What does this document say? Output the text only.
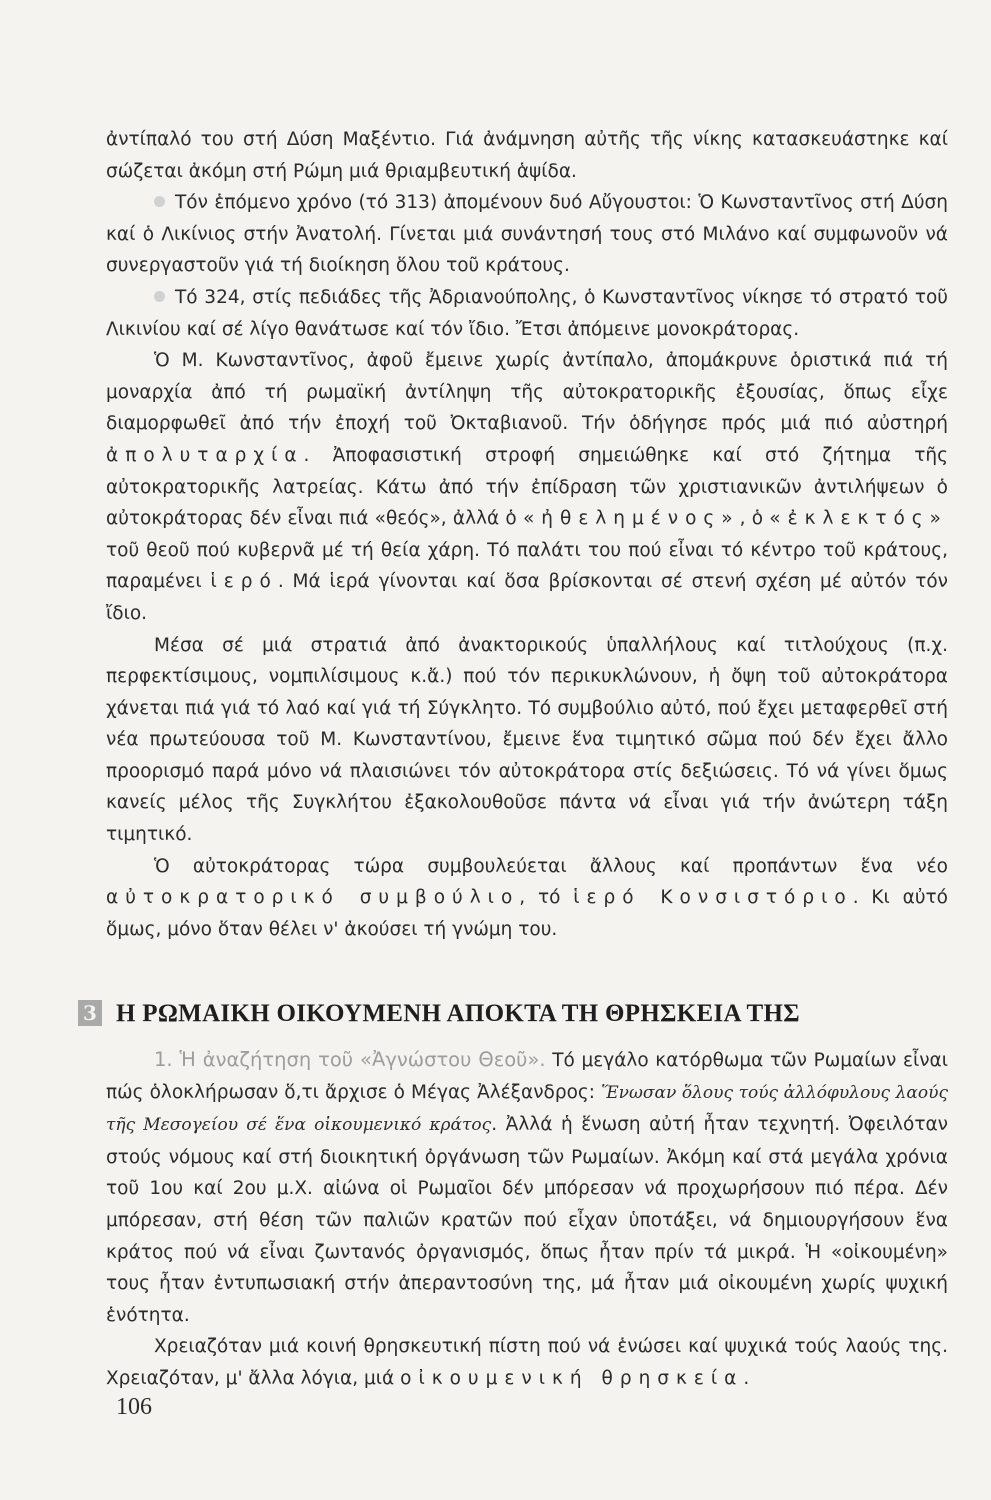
ἀντίπαλό του στή Δύση Μαξέντιο. Γιά ἀνάμνηση αὐτῆς τῆς νίκης κατασκευάστηκε καί σώζεται ἀκόμη στή Ρώμη μιά θριαμβευτική ἁψίδα.

Τόν ἑπόμενο χρόνο (τό 313) ἀπομένουν δυό Αὔγουστοι: Ὁ Κωνσταντῖνος στή Δύση καί ὁ Λικίνιος στήν Ἀνατολή. Γίνεται μιά συνάντησή τους στό Μιλάνο καί συμφωνοῦν νά συνεργαστοῦν γιά τή διοίκηση ὅλου τοῦ κράτους.

Τό 324, στίς πεδιάδες τῆς Ἀδριανούπολης, ὁ Κωνσταντῖνος νίκησε τό στρατό τοῦ Λικινίου καί σέ λίγο θανάτωσε καί τόν ἴδιο. Ἔτσι ἀπόμεινε μονοκράτορας.

Ὁ Μ. Κωνσταντῖνος, ἀφοῦ ἔμεινε χωρίς ἀντίπαλο, ἀπομάκρυνε ὁριστικά πιά τή μοναρχία ἀπό τή ρωμαϊκή ἀντίληψη τῆς αὐτοκρατορικῆς ἐξουσίας, ὅπως εἶχε διαμορφωθεῖ ἀπό τήν ἐποχή τοῦ Ὀκταβιανοῦ. Τήν ὁδήγησε πρός μιά πιό αὐστηρή ἀπολυταρχία. Ἀποφασιστική στροφή σημειώθηκε καί στό ζήτημα τῆς αὐτοκρατορικῆς λατρείας. Κάτω ἀπό τήν ἐπίδραση τῶν χριστιανικῶν ἀντιλήψεων ὁ αὐτοκράτορας δέν εἶναι πιά «θεός», ἀλλά ὁ «ἠθελημένος», ὁ «ἐκλεκτός» τοῦ θεοῦ πού κυβερνᾶ μέ τή θεία χάρη. Τό παλάτι του πού εἶναι τό κέντρο τοῦ κράτους, παραμένει ἱερό. Μά ἱερά γίνονται καί ὅσα βρίσκονται σέ στενή σχέση μέ αὐτόν τόν ἴδιο.

Μέσα σέ μιά στρατιά ἀπό ἀνακτορικούς ὑπαλλήλους καί τιτλούχους (π.χ. περφεκτίσιμους, νομπιλίσιμους κ.ἄ.) πού τόν περικυκλώνουν, ἡ ὄψη τοῦ αὐτοκράτορα χάνεται πιά γιά τό λαό καί γιά τή Σύγκλητο. Τό συμβούλιο αὐτό, πού ἔχει μεταφερθεῖ στή νέα πρωτεύουσα τοῦ Μ. Κωνσταντίνου, ἔμεινε ἕνα τιμητικό σῶμα πού δέν ἔχει ἄλλο προορισμό παρά μόνο νά πλαισιώνει τόν αὐτοκράτορα στίς δεξιώσεις. Τό νά γίνει ὅμως κανείς μέλος τῆς Συγκλήτου ἐξακολουθοῦσε πάντα νά εἶναι γιά τήν ἀνώτερη τάξη τιμητικό.

Ὁ αὐτοκράτορας τώρα συμβουλεύεται ἄλλους καί προπάντων ἕνα νέο αὐτοκρατορικό συμβούλιο, τό ἱερό Κονσιστόριο. Κι αὐτό ὅμως, μόνο ὅταν θέλει ν' ἀκούσει τή γνώμη του.

3 Η ΡΩΜΑΙΚΗ ΟΙΚΟΥΜΕΝΗ ΑΠΟΚΤΑ ΤΗ ΘΡΗΣΚΕΙΑ ΤΗΣ

1. Ἡ ἀναζήτηση τοῦ «Ἀγνώστου Θεοῦ». Τό μεγάλο κατόρθωμα τῶν Ρωμαίων εἶναι πώς ὁλοκλήρωσαν ὅ,τι ἄρχισε ὁ Μέγας Ἀλέξανδρος: Ἕνωσαν ὅλους τούς ἀλλόφυλους λαούς τῆς Μεσογείου σέ ἕνα οἰκουμενικό κράτος. Ἀλλά ἡ ἕνωση αὐτή ἦταν τεχνητή. Ὀφειλόταν στούς νόμους καί στή διοικητική ὀργάνωση τῶν Ρωμαίων. Ἀκόμη καί στά μεγάλα χρόνια τοῦ 1ου καί 2ου μ.Χ. αἰώνα οἱ Ρωμαῖοι δέν μπόρεσαν νά προχωρήσουν πιό πέρα. Δέν μπόρεσαν, στή θέση τῶν παλιῶν κρατῶν πού εἶχαν ὑποτάξει, νά δημιουργήσουν ἕνα κράτος πού νά εἶναι ζωντανός ὀργανισμός, ὅπως ἦταν πρίν τά μικρά. Ἡ «οἰκουμένη» τους ἦταν ἐντυπωσιακή στήν ἀπεραντοσύνη της, μά ἦταν μιά οἰκουμένη χωρίς ψυχική ἑνότητα.

Χρειαζόταν μιά κοινή θρησκευτική πίστη πού νά ἑνώσει καί ψυχικά τούς λαούς της. Χρειαζόταν, μ' ἄλλα λόγια, μιά οἰκουμενική θρησκεία.

106
